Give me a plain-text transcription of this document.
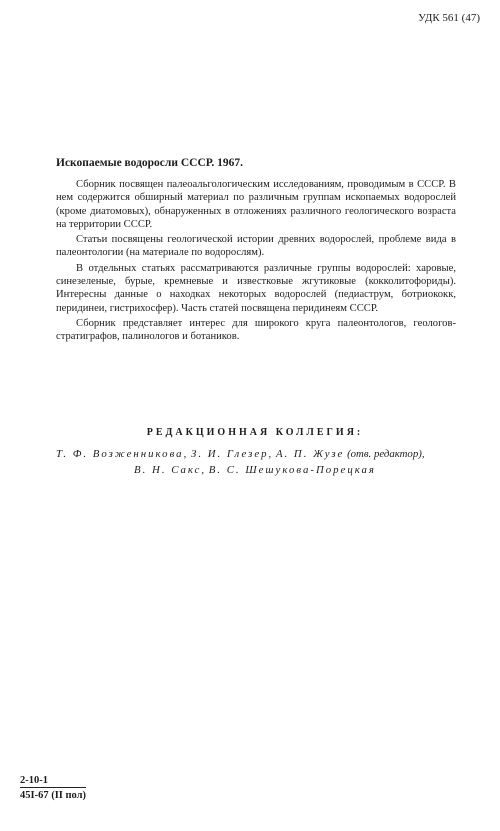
УДК 561 (47)
Ископаемые водоросли СССР. 1967.

Сборник посвящен палеоальгологическим исследованиям, проводимым в СССР. В нем содержится обширный материал по различным группам ископаемых водорослей (кроме диатомовых), обнаруженных в отложениях различного геологического возраста на территории СССР.

Статьи посвящены геологической истории древних водорослей, проблеме вида в палеонтологии (на материале по водорослям).

В отдельных статьях рассматриваются различные группы водорослей: харовые, синезеленые, бурые, кремневые и известковые жгутиковые (кокколитофориды). Интересны данные о находках некоторых водорослей (педиаструм, ботриококк, перидинеи, гистрихосфер). Часть статей посвящена перидинеям СССР.

Сборник представляет интерес для широкого круга палеонтологов, геологов-стратиграфов, палинологов и ботаников.

РЕДАКЦИОННАЯ КОЛЛЕГИЯ:
Т. Ф. Возженникова, З. И. Глезер, А. П. Жузе (отв. редактор),
В. Н. Сакс, В. С. Шешукова-Порецкая
2-10-1
45I-67 (II пол)
